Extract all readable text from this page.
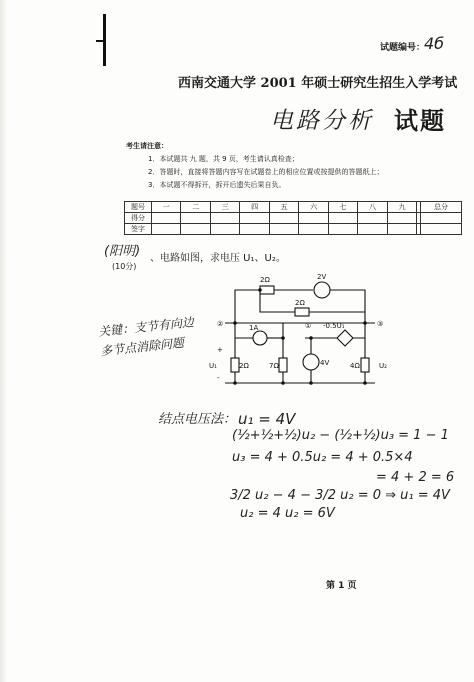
试题编号：
4б
西南交通大学 2001 年硕士研究生招生入学考试
电路分析 试题
考生请注意：
1．本试题共 九 题，共 9 页，考生请认真检查；
2．答题时，直接将答题内容写在试题卷上的相应位置或按提供的答题纸上；
3．本试题不得拆开，拆开后遗失后果自负。
题号	一	二	三	四	五	六	七	八	九		总分
得分											
签字											
(阳明)
(10分)
、电路如图，求电压 U₁、U₂。
关键：支节有向边
多节点消除问题
2Ω	2V
2Ω
1A	-0.5U₁
2Ω	7Ω	4V	4Ω
U₁	U₂
②	①	③
+
-
结点电压法： u₁ = 4V
(½+½+½)u₂ − (½+½)u₃ = 1 − 1
u₃ = 4 + 0.5u₂ = 4 + 0.5×4
= 4 + 2 = 6
3/2 u₂ − 4 − 3/2 u₂ = 0 ⇒ u₁ = 4V
u₂ = 4 u₂ = 6V
第 1 页
